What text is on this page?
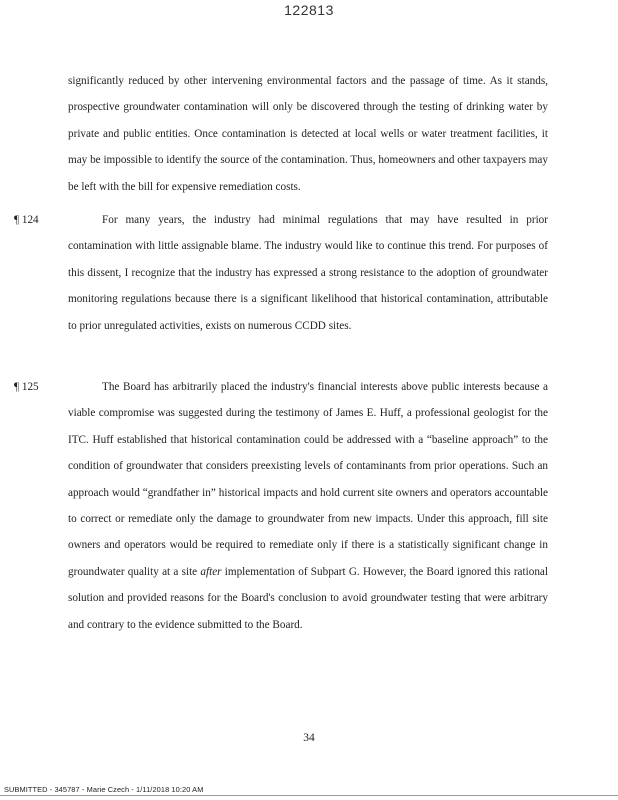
122813
significantly reduced by other intervening environmental factors and the passage of time. As it stands, prospective groundwater contamination will only be discovered through the testing of drinking water by private and public entities. Once contamination is detected at local wells or water treatment facilities, it may be impossible to identify the source of the contamination. Thus, homeowners and other taxpayers may be left with the bill for expensive remediation costs.
¶ 124	For many years, the industry had minimal regulations that may have resulted in prior contamination with little assignable blame. The industry would like to continue this trend. For purposes of this dissent, I recognize that the industry has expressed a strong resistance to the adoption of groundwater monitoring regulations because there is a significant likelihood that historical contamination, attributable to prior unregulated activities, exists on numerous CCDD sites.
¶ 125	The Board has arbitrarily placed the industry's financial interests above public interests because a viable compromise was suggested during the testimony of James E. Huff, a professional geologist for the ITC. Huff established that historical contamination could be addressed with a “baseline approach” to the condition of groundwater that considers preexisting levels of contaminants from prior operations. Such an approach would “grandfather in” historical impacts and hold current site owners and operators accountable to correct or remediate only the damage to groundwater from new impacts. Under this approach, fill site owners and operators would be required to remediate only if there is a statistically significant change in groundwater quality at a site after implementation of Subpart G. However, the Board ignored this rational solution and provided reasons for the Board's conclusion to avoid groundwater testing that were arbitrary and contrary to the evidence submitted to the Board.
34
SUBMITTED - 345787 - Marie Czech - 1/11/2018 10:20 AM
